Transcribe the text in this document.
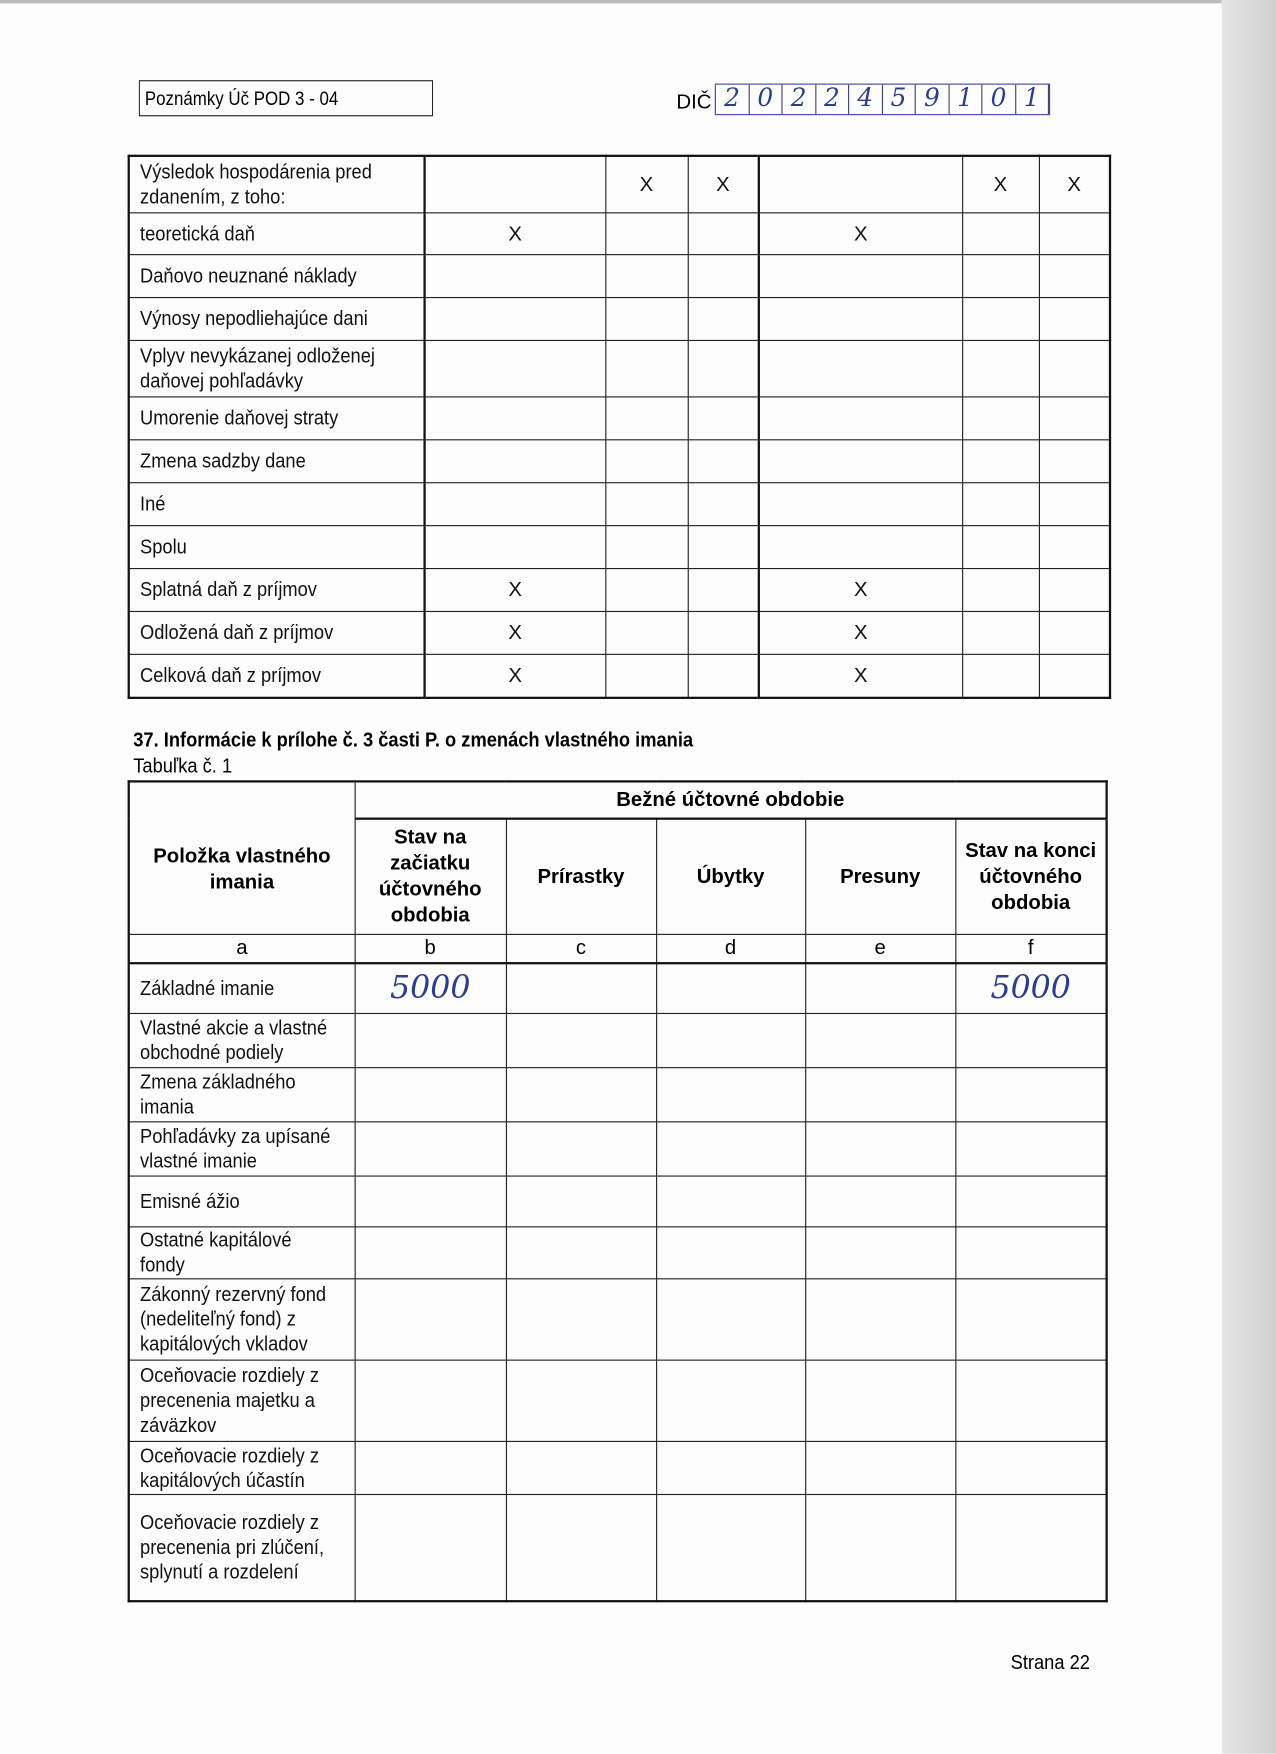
Poznámky Úč POD 3 - 04	DIČ 2 0 2 2 4 5 9 1 0 1
Výsledok hospodárenia pred zdanením, z toho:		X	X		X	X
teoretická daň	X			X		
Daňovo neuznané náklady						
Výnosy nepodliehajúce dani						
Vplyv nevykázanej odloženej daňovej pohľadávky						
Umorenie daňovej straty						
Zmena sadzby dane						
Iné						
Spolu						
Splatná daň z príjmov	X			X		
Odložená daň z príjmov	X			X		
Celková daň z príjmov	X			X		
37. Informácie k prílohe č. 3 časti P. o zmenách vlastného imania
Tabuľka č. 1
Položka vlastného imania	Bežné účtovné obdobie				
	Stav na začiatku účtovného obdobia	Prírastky	Úbytky	Presuny	Stav na konci účtovného obdobia
a	b	c	d	e	f
Základné imanie	5000				5000
Vlastné akcie a vlastné obchodné podiely					
Zmena základného imania					
Pohľadávky za upísané vlastné imanie					
Emisné ážio					
Ostatné kapitálové fondy					
Zákonný rezervný fond (nedeliteľný fond) z kapitálových vkladov					
Oceňovacie rozdiely z precenenia majetku a záväzkov					
Oceňovacie rozdiely z kapitálových účastín					
Oceňovacie rozdiely z precenenia pri zlúčení, splynutí a rozdelení					
Strana 22
